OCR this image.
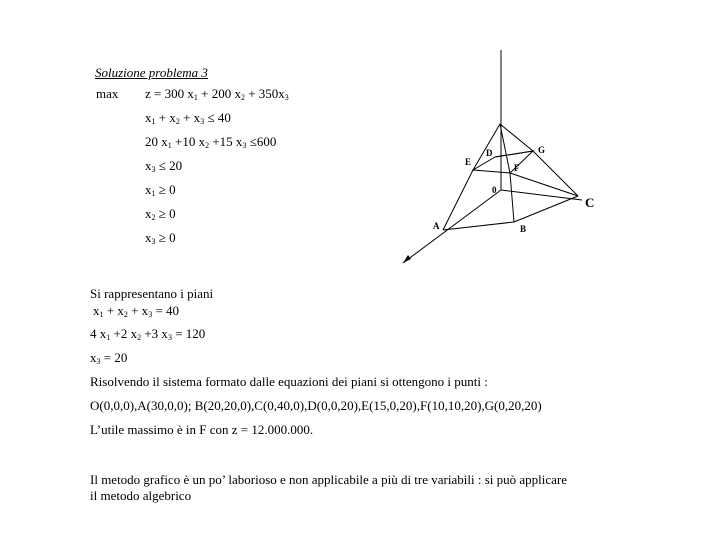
Soluzione problema 3
max z = 300 $x_1 + 200$ $x_2 + 350x_3$
$x_1 + x_2 + x_3 \le 40$
20 $x_1 +10$ $x_2 +15$ $x_3 \le 600$
$x_3 \le 20$
$x_1 \ge 0$
$x_2 \ge 0$
$x_3 \ge 0$
Si rappresentano i piani
$x_1 + x_2 + x_3 = 40$
4 $x_1 +2$ $x_2 +3$ $x_3 = 120$
$x_3 = 20$
Risolvendo il sistema formato dalle equazioni dei piani si ottengono i punti :
O(0,0,0),A(30,0,0); B(20,20,0),C(0,40,0),D(0,0,20),E(15,0,20),F(10,10,20),G(0,20,20)
L’utile massimo è in F con z = 12.000.000.
Il metodo grafico è un po’ laborioso e non applicabile a più di tre variabili : si può applicare
il metodo algebrico
A	B
C
D
E
F
G
0
